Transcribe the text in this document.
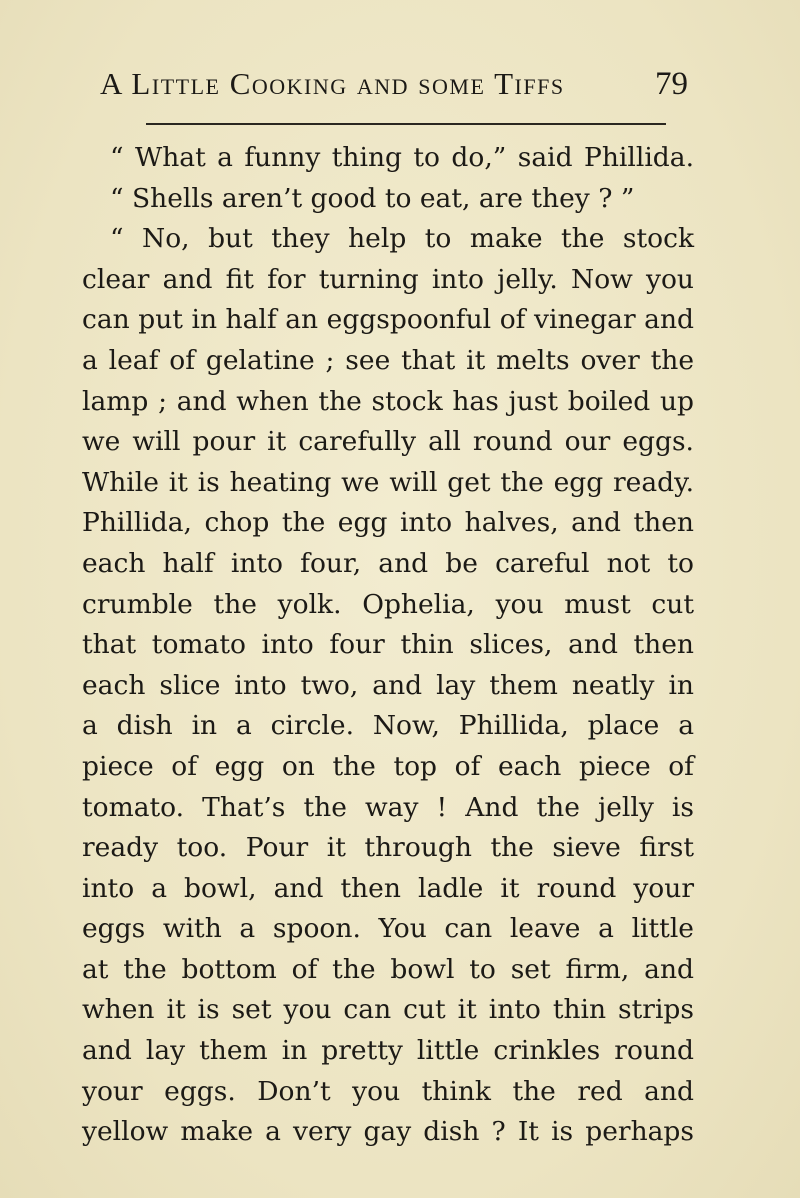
A Little Cooking and some Tiffs	79
“ What a funny thing to do,” said Phillida.
“ Shells aren’t good to eat, are they ? ”
“ No, but they help to make the stock
clear and fit for turning into jelly. Now you
can put in half an eggspoonful of vinegar and
a leaf of gelatine ; see that it melts over the
lamp ; and when the stock has just boiled up
we will pour it carefully all round our eggs.
While it is heating we will get the egg ready.
Phillida, chop the egg into halves, and then
each half into four, and be careful not to
crumble the yolk. Ophelia, you must cut
that tomato into four thin slices, and then
each slice into two, and lay them neatly in
a dish in a circle. Now, Phillida, place a
piece of egg on the top of each piece of
tomato. That’s the way ! And the jelly is
ready too. Pour it through the sieve first
into a bowl, and then ladle it round your
eggs with a spoon. You can leave a little
at the bottom of the bowl to set firm, and
when it is set you can cut it into thin strips
and lay them in pretty little crinkles round
your eggs. Don’t you think the red and
yellow make a very gay dish ? It is perhaps
